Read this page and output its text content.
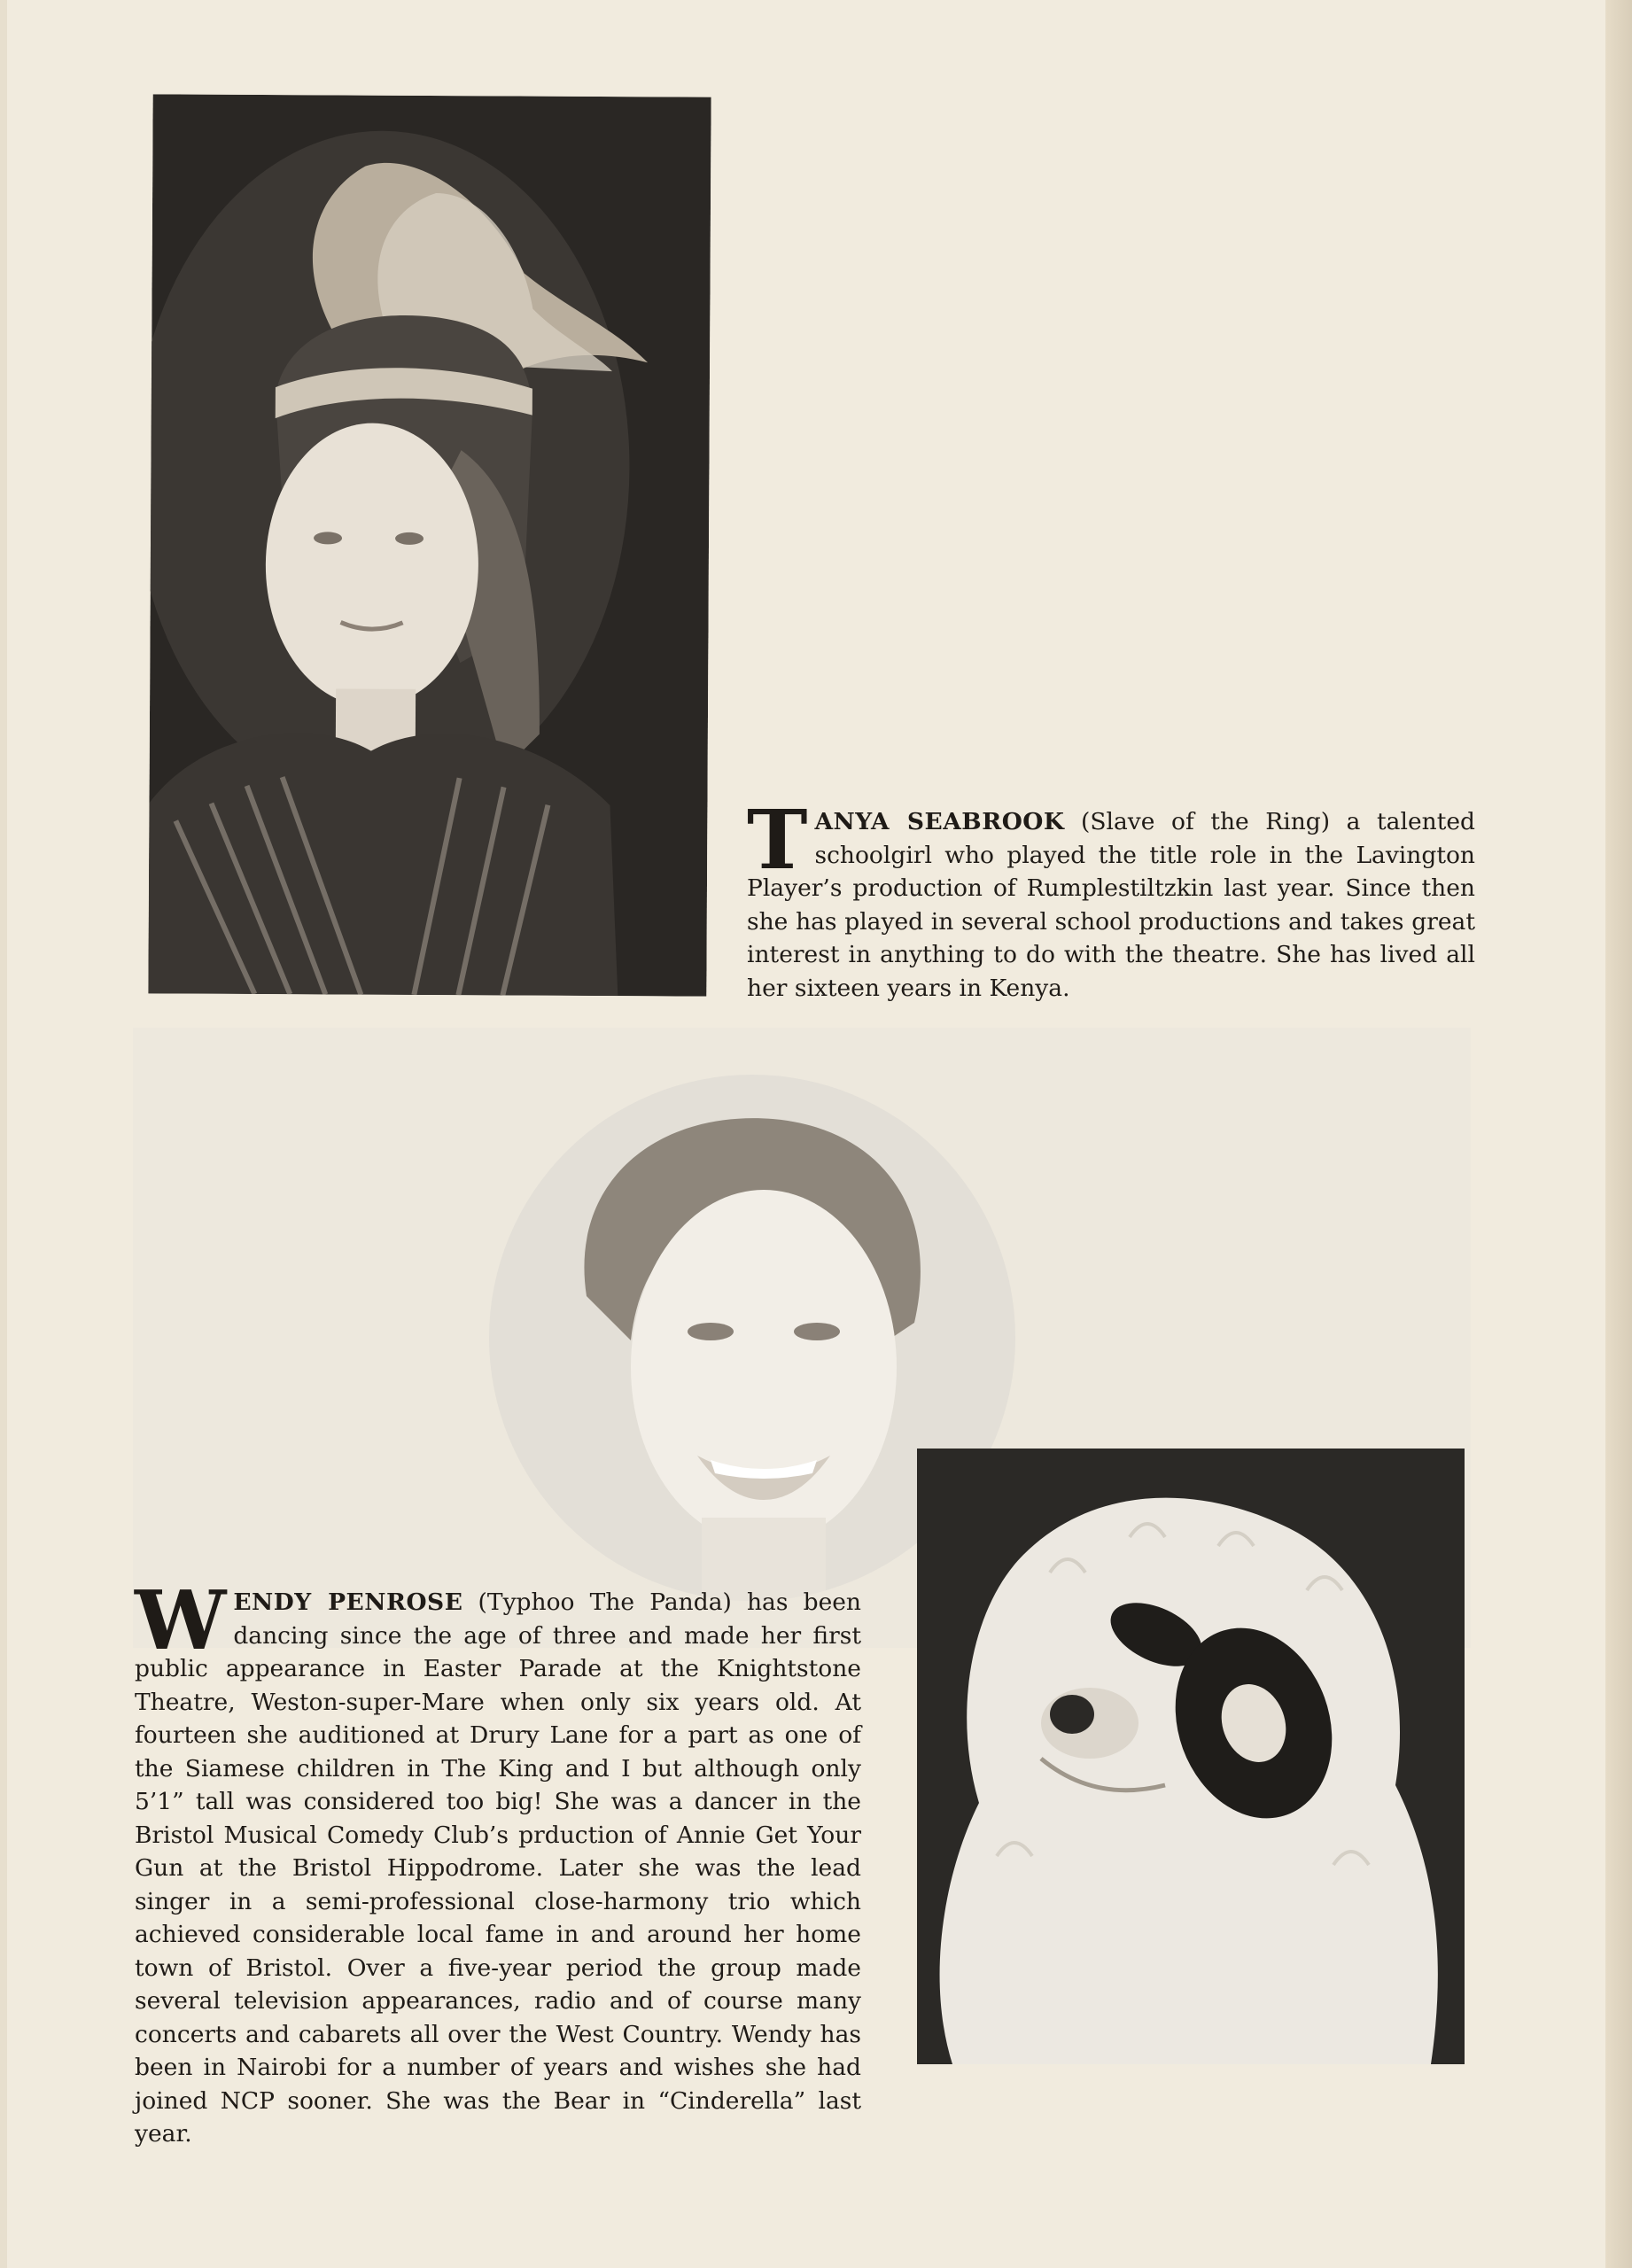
TANYA SEABROOK (Slave of the Ring) a talented schoolgirl who played the title role in the Lavington Player’s production of Rumplestiltzkin last year. Since then she has played in several school productions and takes great interest in anything to do with the theatre. She has lived all her sixteen years in Kenya.
WENDY PENROSE (Typhoo The Panda) has been dancing since the age of three and made her first public appearance in Easter Parade at the Knightstone Theatre, Weston-super-Mare when only six years old. At fourteen she auditioned at Drury Lane for a part as one of the Siamese children in The King and I but although only 5’1” tall was considered too big! She was a dancer in the Bristol Musical Comedy Club’s prduction of Annie Get Your Gun at the Bristol Hippodrome. Later she was the lead singer in a semi-professional close-harmony trio which achieved considerable local fame in and around her home town of Bristol. Over a five-year period the group made several television appearances, radio and of course many concerts and cabarets all over the West Country. Wendy has been in Nairobi for a number of years and wishes she had joined NCP sooner. She was the Bear in “Cinderella” last year.
